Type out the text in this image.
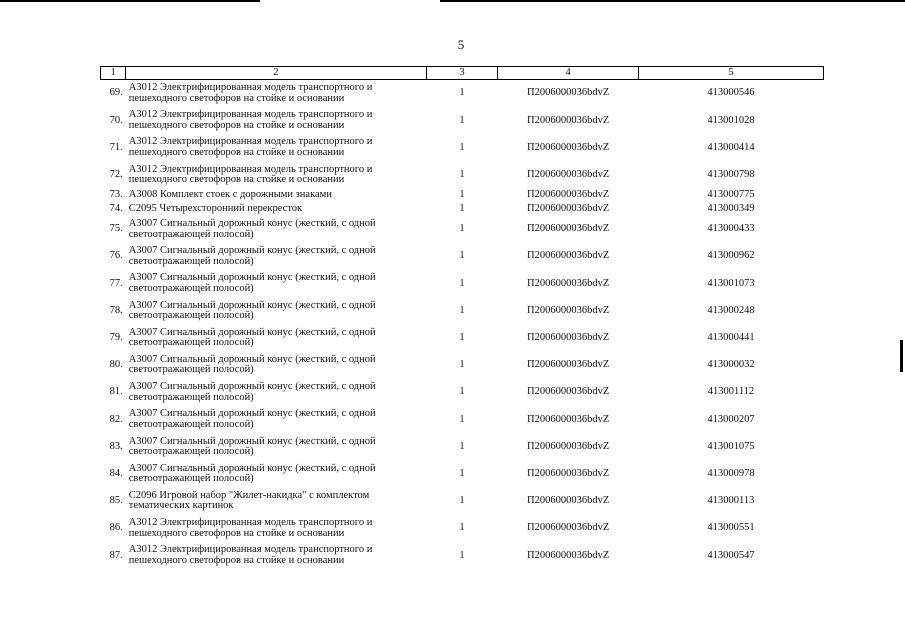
5
1	2	3	4	5
69.	А3012 Электрифицированная модель транспортного и пешеходного светофоров на стойке и основании	1	П2006000036bdvZ	413000546
70.	А3012 Электрифицированная модель транспортного и пешеходного светофоров на стойке и основании	1	П2006000036bdvZ	413001028
71.	А3012 Электрифицированная модель транспортного и пешеходного светофоров на стойке и основании	1	П2006000036bdvZ	413000414
72.	А3012 Электрифицированная модель транспортного и пешеходного светофоров на стойке и основании	1	П2006000036bdvZ	413000798
73.	А3008 Комплект стоек с дорожными знаками	1	П2006000036bdvZ	413000775
74.	С2095 Четырехсторонний перекресток	1	П2006000036bdvZ	413000349
75.	А3007 Сигнальный дорожный конус (жесткий, с одной светоотражающей полосой)	1	П2006000036bdvZ	413000433
76.	А3007 Сигнальный дорожный конус (жесткий, с одной светоотражающей полосой)	1	П2006000036bdvZ	413000962
77.	А3007 Сигнальный дорожный конус (жесткий, с одной светоотражающей полосой)	1	П2006000036bdvZ	413001073
78.	А3007 Сигнальный дорожный конус (жесткий, с одной светоотражающей полосой)	1	П2006000036bdvZ	413000248
79.	А3007 Сигнальный дорожный конус (жесткий, с одной светоотражающей полосой)	1	П2006000036bdvZ	413000441
80.	А3007 Сигнальный дорожный конус (жесткий, с одной светоотражающей полосой)	1	П2006000036bdvZ	413000032
81.	А3007 Сигнальный дорожный конус (жесткий, с одной светоотражающей полосой)	1	П2006000036bdvZ	413001112
82.	А3007 Сигнальный дорожный конус (жесткий, с одной светоотражающей полосой)	1	П2006000036bdvZ	413000207
83.	А3007 Сигнальный дорожный конус (жесткий, с одной светоотражающей полосой)	1	П2006000036bdvZ	413001075
84.	А3007 Сигнальный дорожный конус (жесткий, с одной светоотражающей полосой)	1	П2006000036bdvZ	413000978
85.	С2096 Игровой набор "Жилет-накидка" с комплектом тематических картинок	1	П2006000036bdvZ	413000113
86.	А3012 Электрифицированная модель транспортного и пешеходного светофоров на стойке и основании	1	П2006000036bdvZ	413000551
87.	А3012 Электрифицированная модель транспортного и пешеходного светофоров на стойке и основании	1	П2006000036bdvZ	413000547
